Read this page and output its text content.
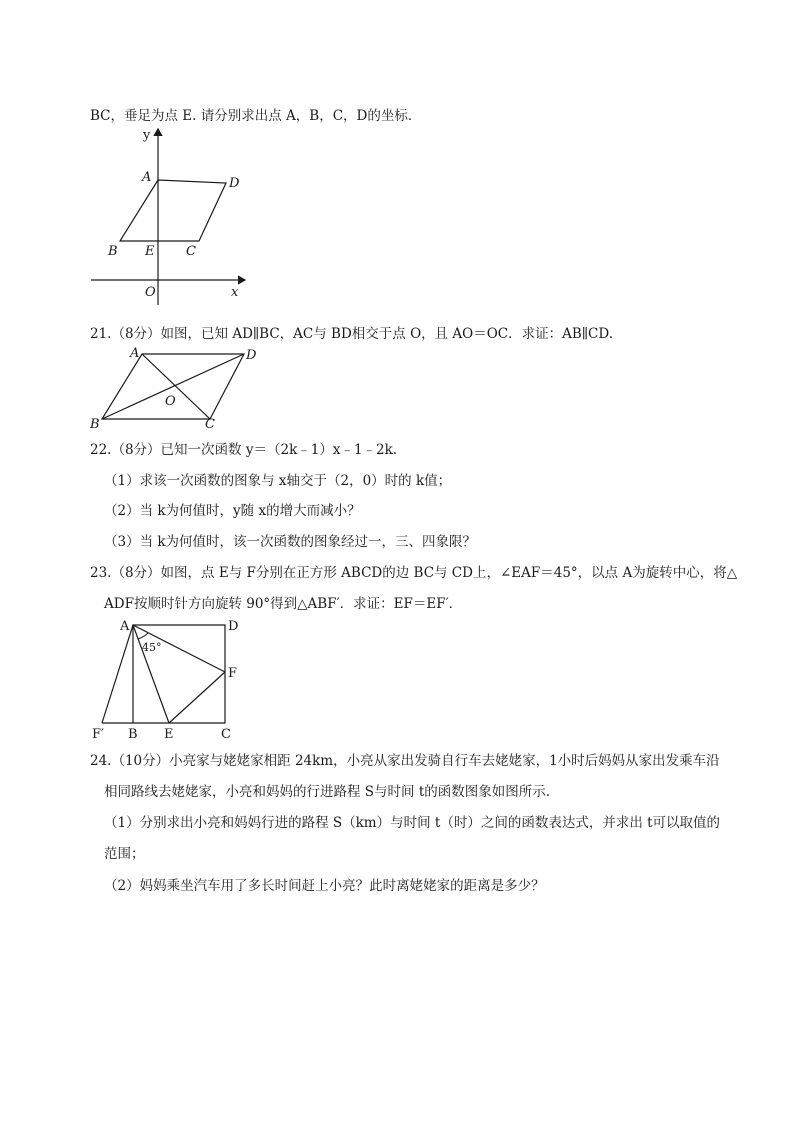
BC，垂足为点 E. 请分别求出点 A，B，C，D的坐标．
y
A	D
B E C
O	x
21.（8分）如图，已知 AD∥BC，AC与 BD相交于点 O，且 AO＝OC．求证：AB∥CD.
A	D
O
B	C
22.（8分）已知一次函数 y＝（2k﹣1）x﹣1﹣2k.
（1）求该一次函数的图象与 x轴交于（2，0）时的 k值；
（2）当 k为何值时，y随 x的增大而减小？
（3）当 k为何值时，该一次函数的图象经过一，三、四象限？
23.（8分）如图，点 E与 F分别在正方形 ABCD的边 BC与 CD上，∠EAF＝45°，以点 A为旋转中心，将△
ADF按顺时针方向旋转 90°得到△ABF′．求证：EF＝EF′．
A	D
45°
F
F′ B E	C
24.（10分）小亮家与姥姥家相距 24km，小亮从家出发骑自行车去姥姥家，1小时后妈妈从家出发乘车沿
相同路线去姥姥家，小亮和妈妈的行进路程 S与时间 t的函数图象如图所示.
（1）分别求出小亮和妈妈行进的路程 S（km）与时间 t（时）之间的函数表达式，并求出 t可以取值的
范围；
（2）妈妈乘坐汽车用了多长时间赶上小亮？此时离姥姥家的距离是多少？
